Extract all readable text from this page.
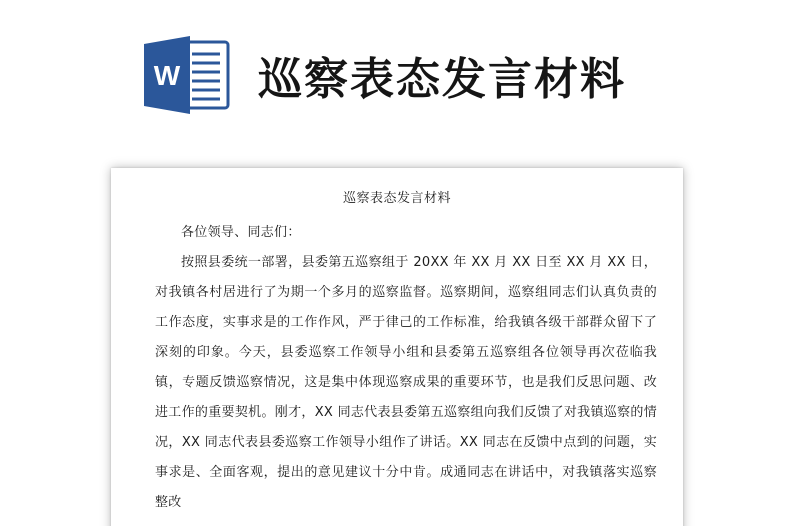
W 巡察表态发言材料
巡察表态发言材料

各位领导、同志们：

按照县委统一部署，县委第五巡察组于 20XX 年 XX 月 XX 日至 XX 月 XX 日，对我镇各村居进行了为期一个多月的巡察监督。巡察期间，巡察组同志们认真负责的工作态度，实事求是的工作作风，严于律己的工作标准，给我镇各级干部群众留下了深刻的印象。今天，县委巡察工作领导小组和县委第五巡察组各位领导再次莅临我镇，专题反馈巡察情况，这是集中体现巡察成果的重要环节，也是我们反思问题、改进工作的重要契机。刚才，XX 同志代表县委第五巡察组向我们反馈了对我镇巡察的情况，XX 同志代表县委巡察工作领导小组作了讲话。XX 同志在反馈中点到的问题，实事求是、全面客观，提出的意见建议十分中肯。成通同志在讲话中，对我镇落实巡察整改
